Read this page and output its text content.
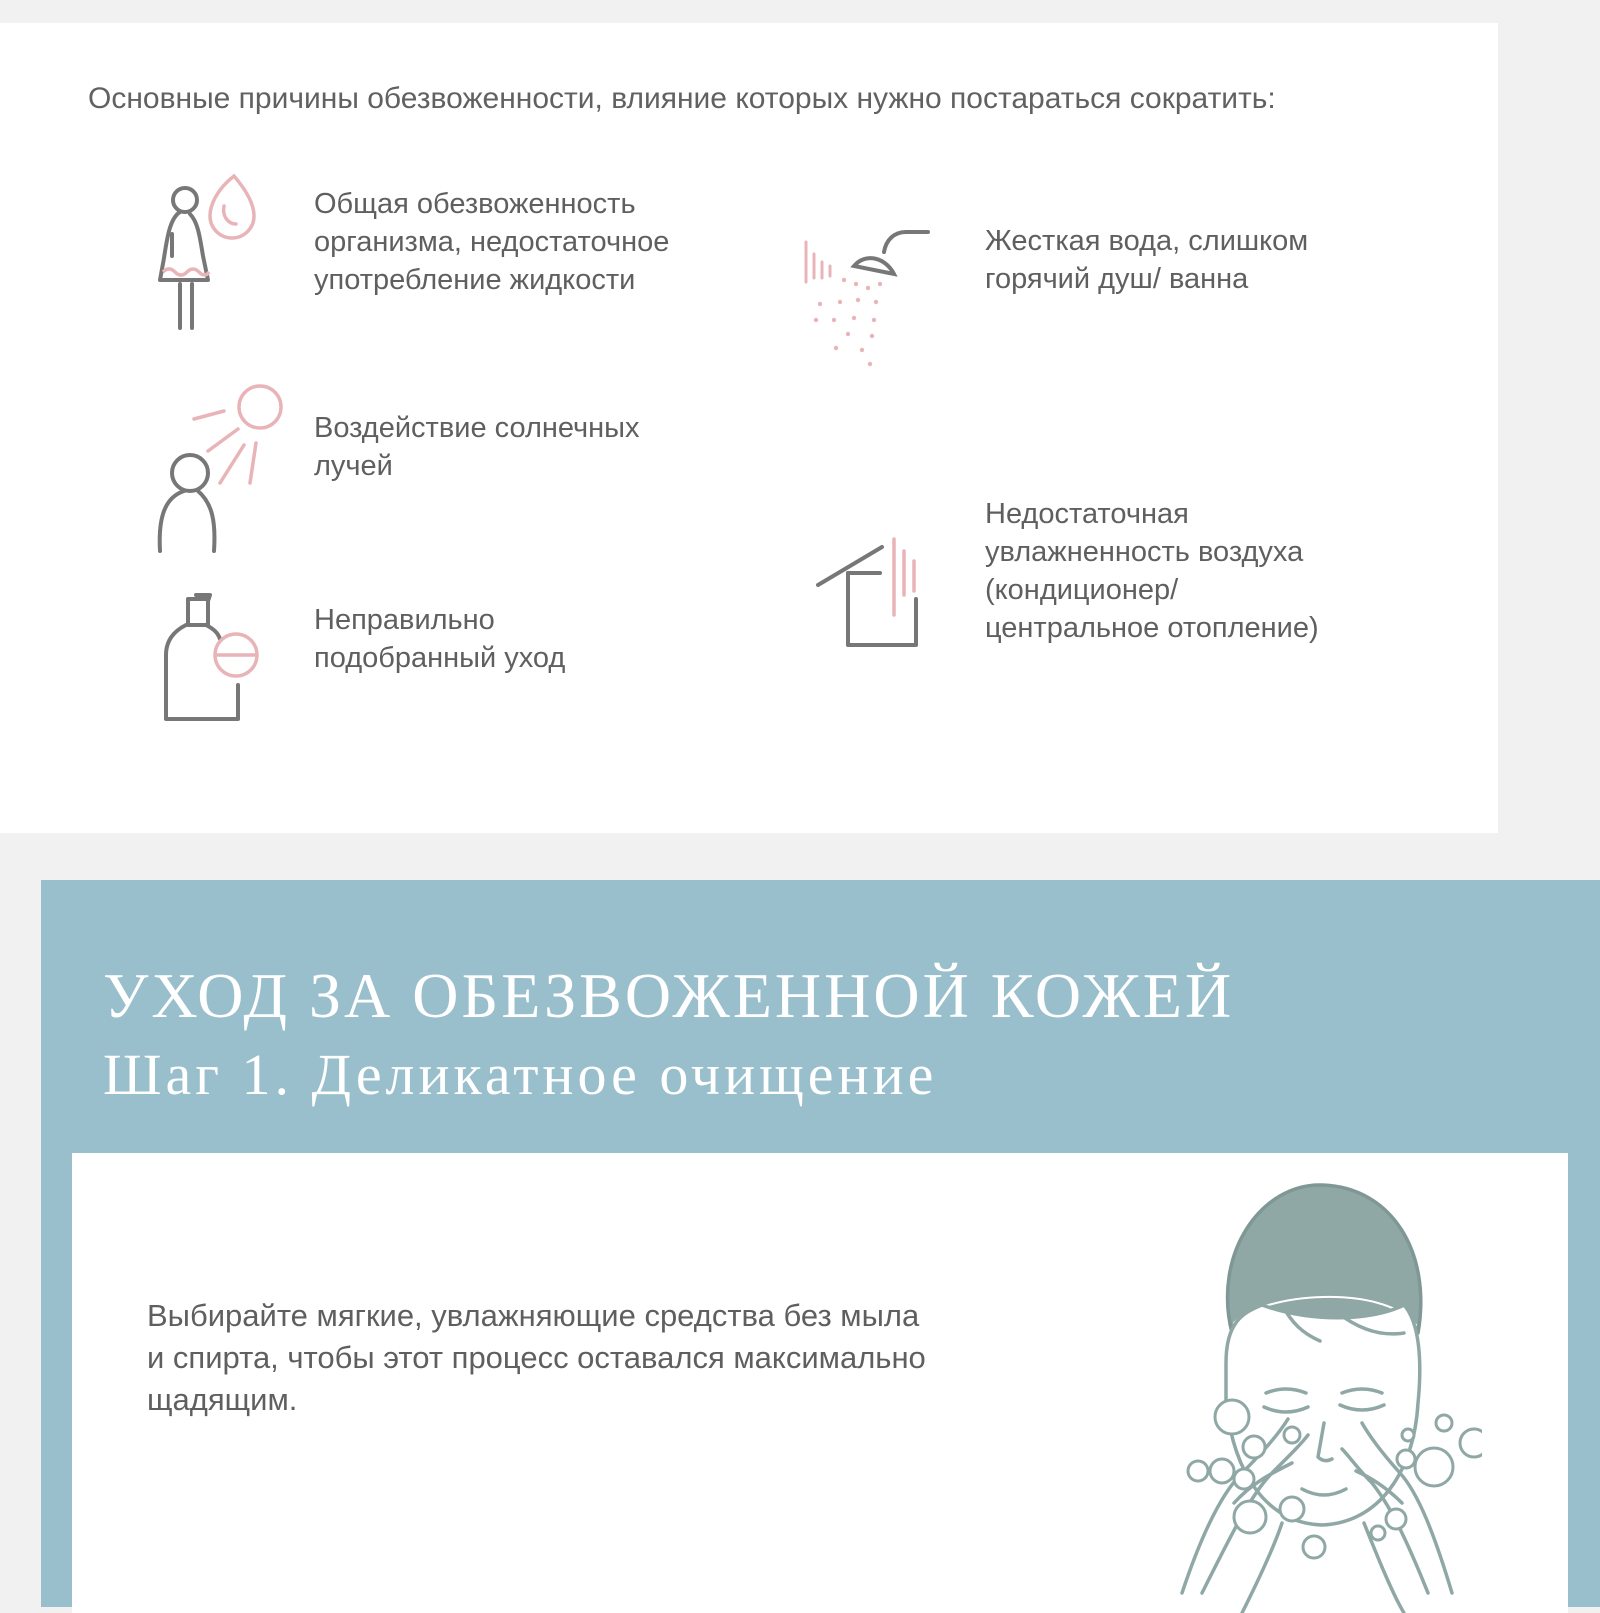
Основные причины обезвоженности, влияние которых нужно постараться сократить:

Общая обезвоженность организма, недостаточное употребление жидкости

Воздействие солнечных лучей

Неправильно подобранный уход

Жесткая вода, слишком горячий душ/ ванна

Недостаточная увлажненность воздуха (кондиционер/ центральное отопление)

УХОД ЗА ОБЕЗВОЖЕННОЙ КОЖЕЙ
Шаг 1. Деликатное очищение

Выбирайте мягкие, увлажняющие средства без мыла и спирта, чтобы этот процесс оставался максимально щадящим.
